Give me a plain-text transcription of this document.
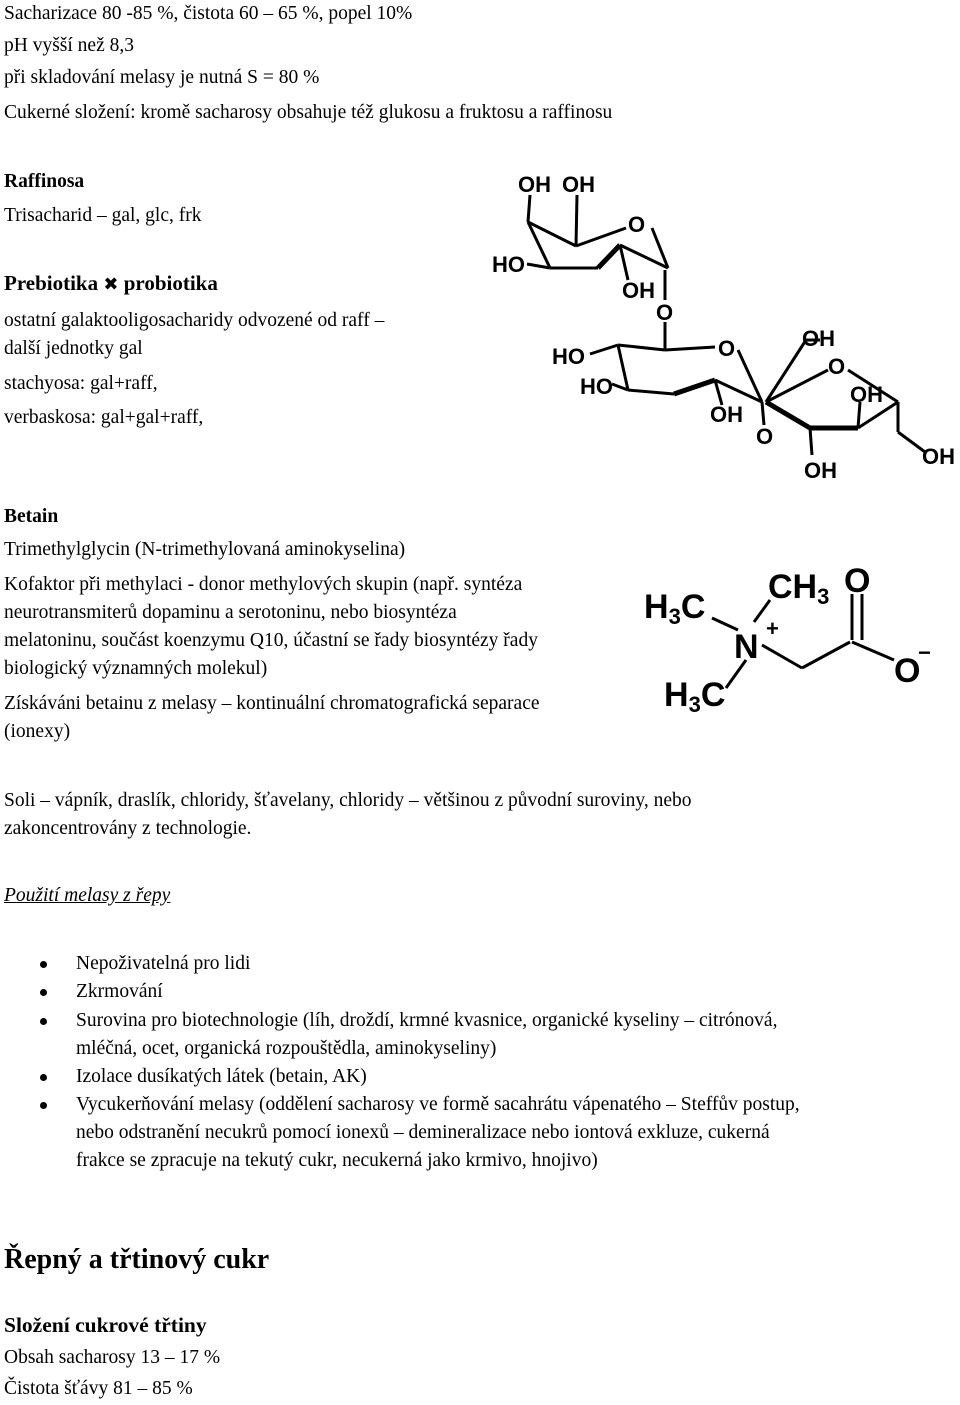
Sacharizace 80 -85 %, čistota 60 – 65 %, popel 10%
pH vyšší než 8,3
při skladování melasy je nutná S = 80 %
Cukerné složení: kromě sacharosy obsahuje též glukosu a fruktosu a raffinosu
Raffinosa
Trisacharid – gal, glc, frk
Prebiotika ✖ probiotika
ostatní galaktooligosacharidy odvozené od raff –
další jednotky gal
stachyosa: gal+raff,
verbaskosa: gal+gal+raff,
OH OH
O
HO
OH
O
HO	O
HO
OH
O
OH
O
OH
OH
OH
Betain
Trimethylglycin (N-trimethylovaná aminokyselina)
Kofaktor při methylaci - donor methylových skupin (např. syntéza
neurotransmiterů dopaminu a serotoninu, nebo biosyntéza
melatoninu, součást koenzymu Q10, účastní se řady biosyntézy řady
biologický významných molekul)
Získáváni betainu z melasy – kontinuální chromatografická separace
(ionexy)
H3C
CH3 O
N +
O
−
H3C
Soli – vápník, draslík, chloridy, šťavelany, chloridy – většinou z původní suroviny, nebo
zakoncentrovány z technologie.
Použití melasy z řepy
Nepoživatelná pro lidi
Zkrmování
Surovina pro biotechnologie (líh, droždí, krmné kvasnice, organické kyseliny – citrónová,
mléčná, ocet, organická rozpouštědla, aminokyseliny)
Izolace dusíkatých látek (betain, AK)
Vycukerňování melasy (oddělení sacharosy ve formě sacahrátu vápenatého – Steffův postup,
nebo odstranění necukrů pomocí ionexů – demineralizace nebo iontová exkluze, cukerná
frakce se zpracuje na tekutý cukr, necukerná jako krmivo, hnojivo)
Řepný a třtinový cukr
Složení cukrové třtiny
Obsah sacharosy 13 – 17 %
Čistota šťávy 81 – 85 %
